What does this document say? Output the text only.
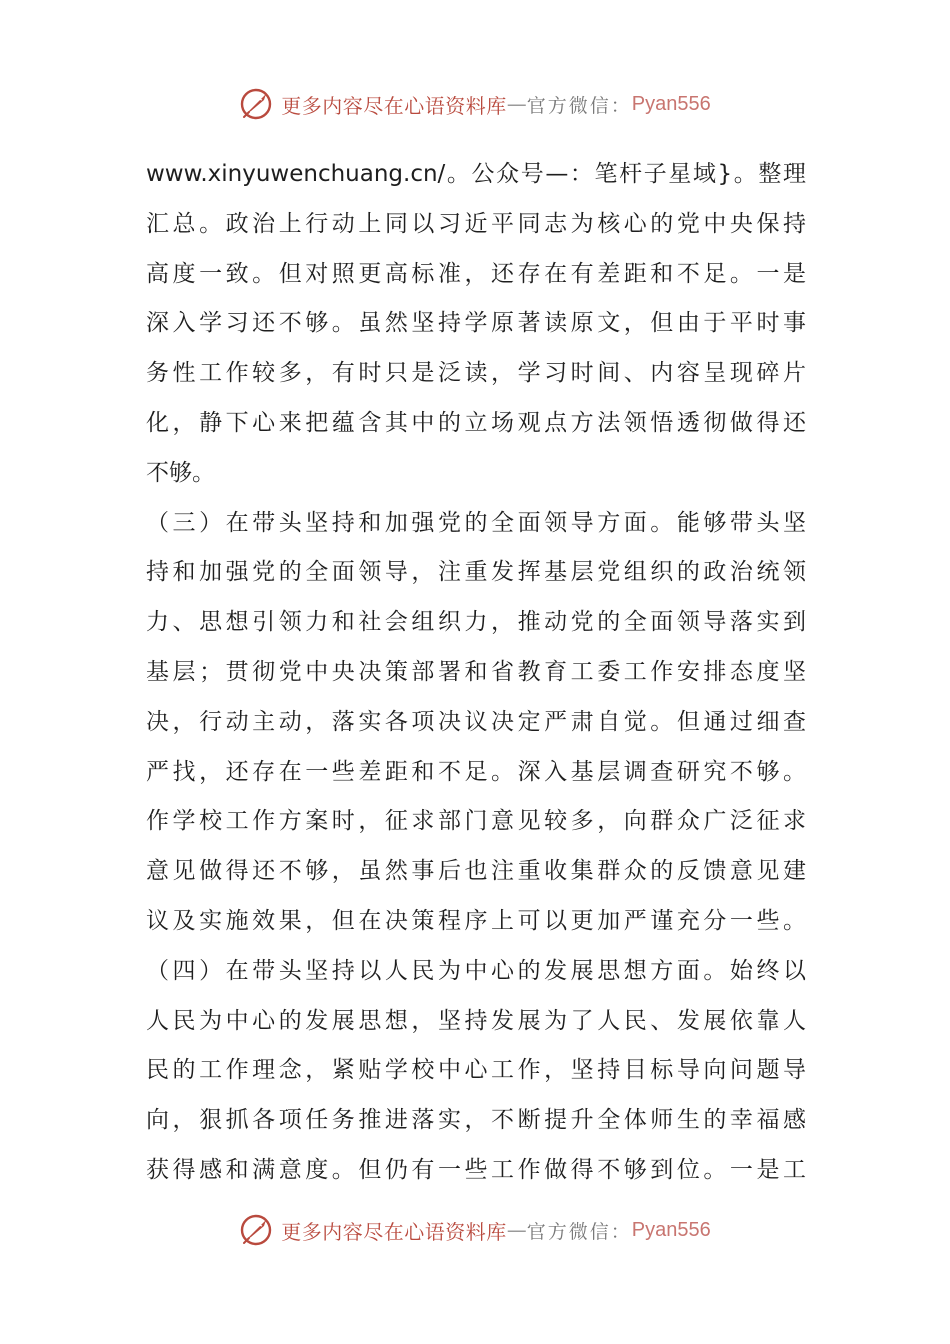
更多内容尽在心语资料库 — 官方微信： Pyan556
www.xinyuwenchuang.cn/。公众号—：笔杆子星域}。整理
汇总。政治上行动上同以习近平同志为核心的党中央保持
高度一致。但对照更高标准，还存在有差距和不足。一是
深入学习还不够。虽然坚持学原著读原文，但由于平时事
务性工作较多，有时只是泛读，学习时间、内容呈现碎片
化，静下心来把蕴含其中的立场观点方法领悟透彻做得还
不够。
（三）在带头坚持和加强党的全面领导方面。能够带头坚
持和加强党的全面领导，注重发挥基层党组织的政治统领
力、思想引领力和社会组织力，推动党的全面领导落实到
基层；贯彻党中央决策部署和省教育工委工作安排态度坚
决，行动主动，落实各项决议决定严肃自觉。但通过细查
严找，还存在一些差距和不足。深入基层调查研究不够。
作学校工作方案时，征求部门意见较多，向群众广泛征求
意见做得还不够，虽然事后也注重收集群众的反馈意见建
议及实施效果，但在决策程序上可以更加严谨充分一些。
（四）在带头坚持以人民为中心的发展思想方面。始终以
人民为中心的发展思想，坚持发展为了人民、发展依靠人
民的工作理念，紧贴学校中心工作，坚持目标导向问题导
向，狠抓各项任务推进落实，不断提升全体师生的幸福感
获得感和满意度。但仍有一些工作做得不够到位。一是工
更多内容尽在心语资料库 — 官方微信： Pyan556
